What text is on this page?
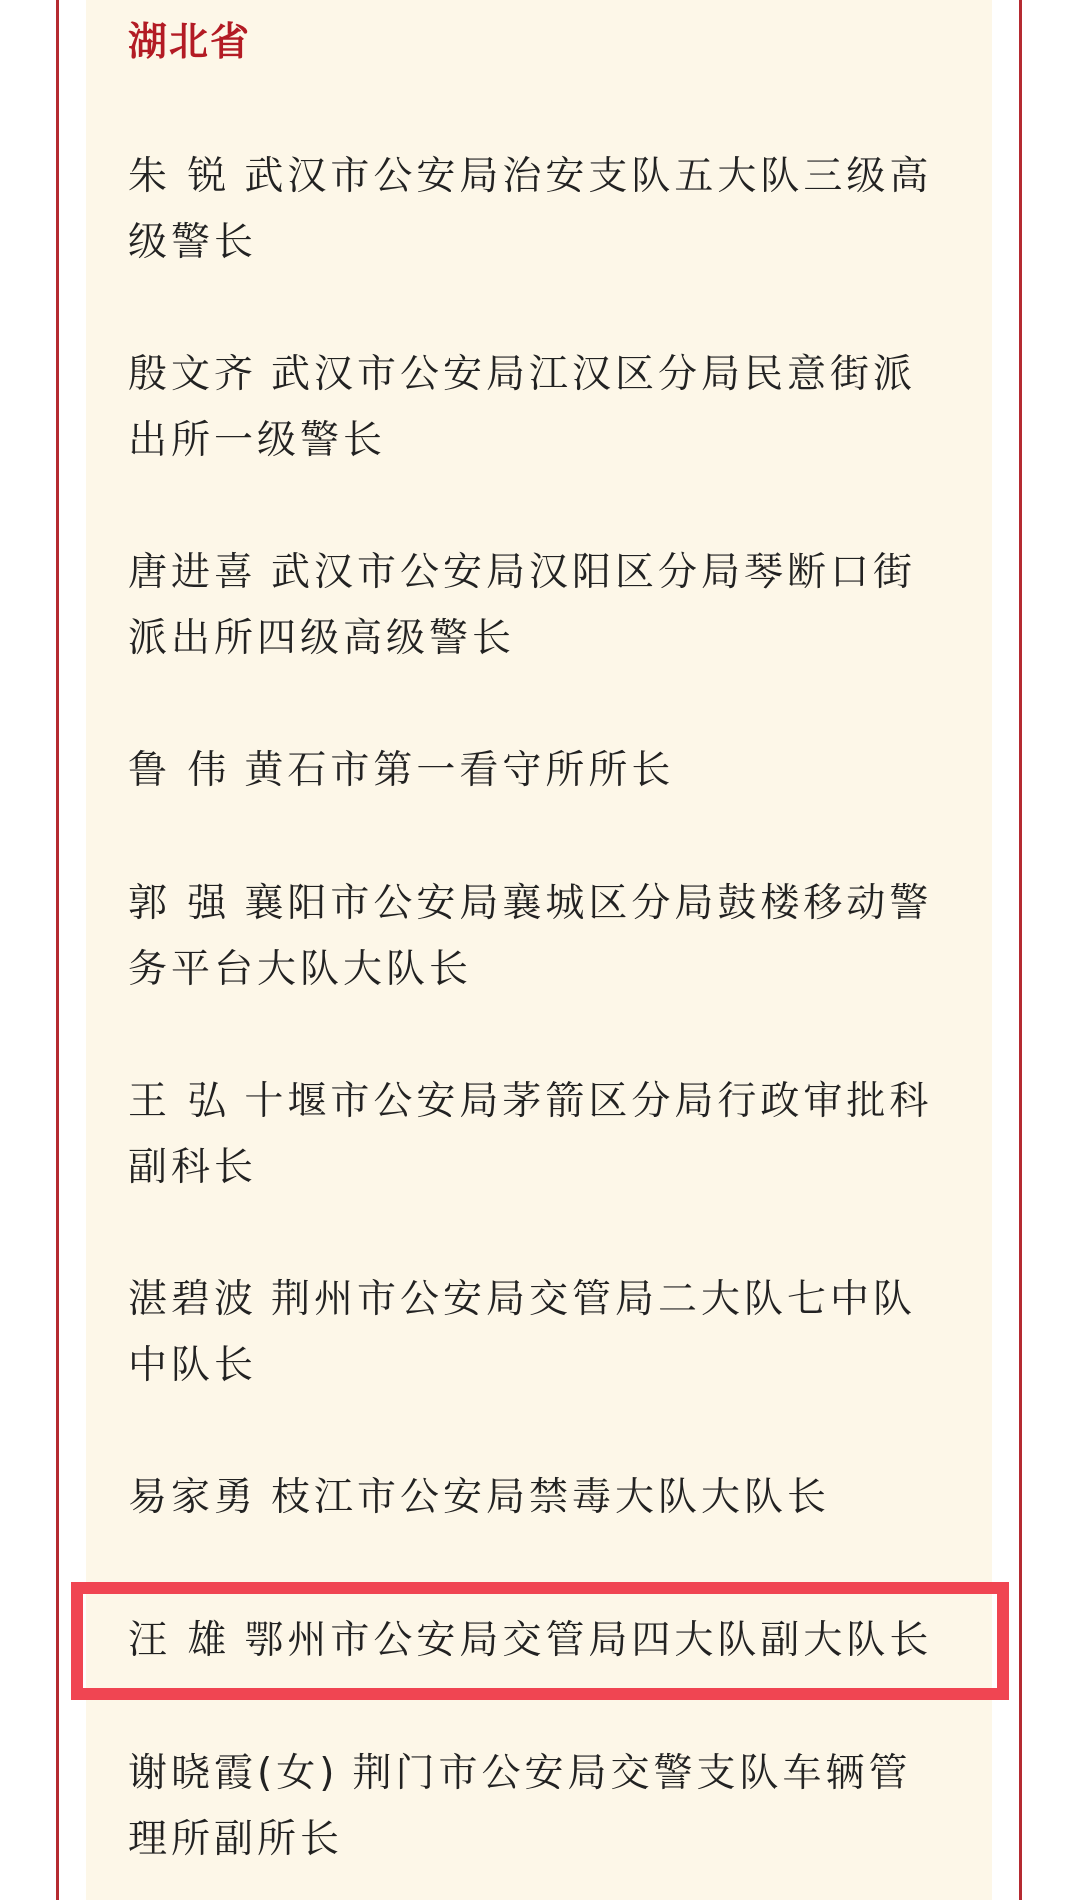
湖北省

朱 锐 武汉市公安局治安支队五大队三级高级警长

殷文齐 武汉市公安局江汉区分局民意街派出所一级警长

唐进喜 武汉市公安局汉阳区分局琴断口街派出所四级高级警长

鲁 伟 黄石市第一看守所所长

郭 强 襄阳市公安局襄城区分局鼓楼移动警务平台大队大队长

王 弘 十堰市公安局茅箭区分局行政审批科副科长

湛碧波 荆州市公安局交管局二大队七中队中队长

易家勇 枝江市公安局禁毒大队大队长

汪 雄 鄂州市公安局交管局四大队副大队长

谢晓霞(女) 荆门市公安局交警支队车辆管理所副所长
